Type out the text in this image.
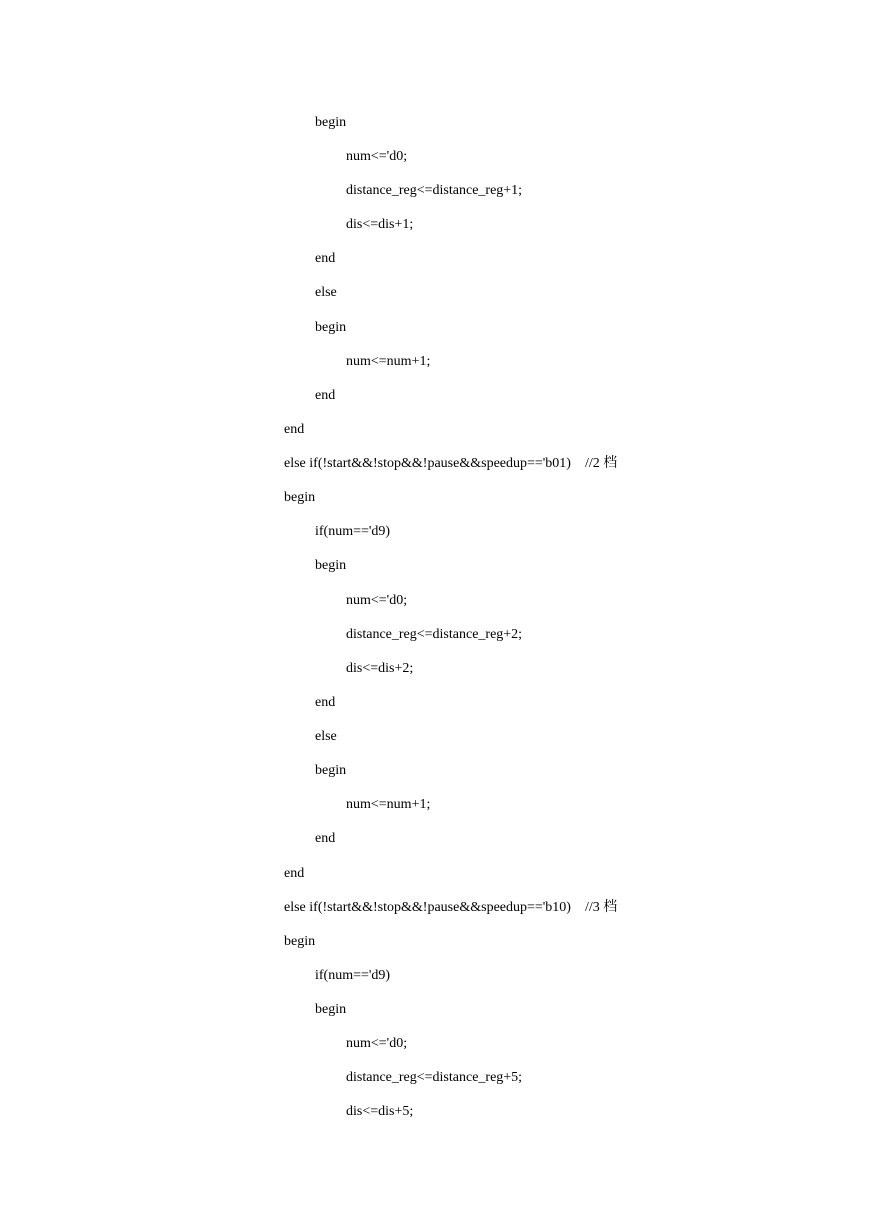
begin

num<='d0;

distance_reg<=distance_reg+1;

dis<=dis+1;

end

else

begin

num<=num+1;

end

end

else if(!start&&!stop&&!pause&&speedup=='b01) //2 档

begin

if(num=='d9)

begin

num<='d0;

distance_reg<=distance_reg+2;

dis<=dis+2;

end

else

begin

num<=num+1;

end

end

else if(!start&&!stop&&!pause&&speedup=='b10) //3 档

begin

if(num=='d9)

begin

num<='d0;

distance_reg<=distance_reg+5;

dis<=dis+5;
